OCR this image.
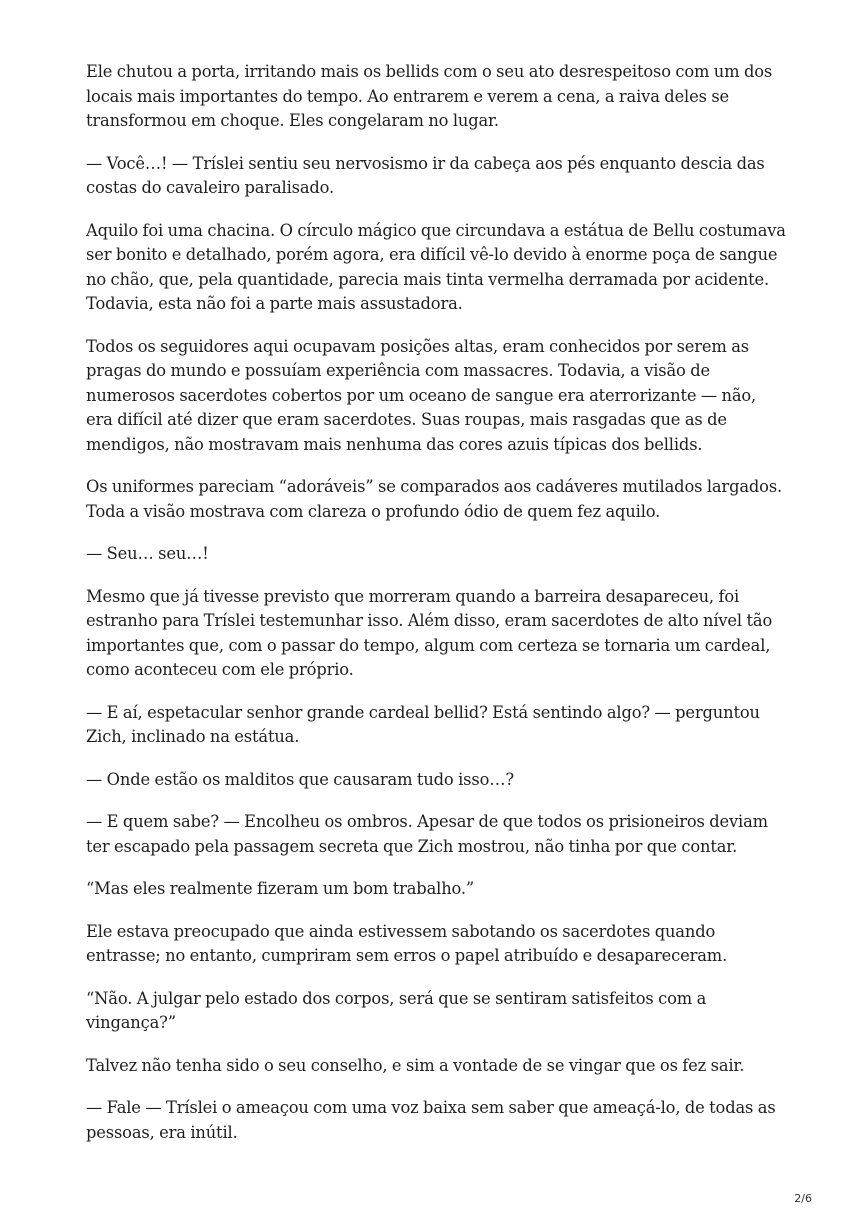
Ele chutou a porta, irritando mais os bellids com o seu ato desrespeitoso com um dos locais mais importantes do tempo. Ao entrarem e verem a cena, a raiva deles se transformou em choque. Eles congelaram no lugar.

— Você…! — Tríslei sentiu seu nervosismo ir da cabeça aos pés enquanto descia das costas do cavaleiro paralisado.

Aquilo foi uma chacina. O círculo mágico que circundava a estátua de Bellu costumava ser bonito e detalhado, porém agora, era difícil vê-lo devido à enorme poça de sangue no chão, que, pela quantidade, parecia mais tinta vermelha derramada por acidente. Todavia, esta não foi a parte mais assustadora.

Todos os seguidores aqui ocupavam posições altas, eram conhecidos por serem as pragas do mundo e possuíam experiência com massacres. Todavia, a visão de numerosos sacerdotes cobertos por um oceano de sangue era aterrorizante — não, era difícil até dizer que eram sacerdotes. Suas roupas, mais rasgadas que as de mendigos, não mostravam mais nenhuma das cores azuis típicas dos bellids.

Os uniformes pareciam “adoráveis” se comparados aos cadáveres mutilados largados. Toda a visão mostrava com clareza o profundo ódio de quem fez aquilo.

— Seu… seu…!

Mesmo que já tivesse previsto que morreram quando a barreira desapareceu, foi estranho para Tríslei testemunhar isso. Além disso, eram sacerdotes de alto nível tão importantes que, com o passar do tempo, algum com certeza se tornaria um cardeal, como aconteceu com ele próprio.

— E aí, espetacular senhor grande cardeal bellid? Está sentindo algo? — perguntou Zich, inclinado na estátua.

— Onde estão os malditos que causaram tudo isso…?

— E quem sabe? — Encolheu os ombros. Apesar de que todos os prisioneiros deviam ter escapado pela passagem secreta que Zich mostrou, não tinha por que contar.

“Mas eles realmente fizeram um bom trabalho.”

Ele estava preocupado que ainda estivessem sabotando os sacerdotes quando entrasse; no entanto, cumpriram sem erros o papel atribuído e desapareceram.

“Não. A julgar pelo estado dos corpos, será que se sentiram satisfeitos com a vingança?”

Talvez não tenha sido o seu conselho, e sim a vontade de se vingar que os fez sair.

— Fale — Tríslei o ameaçou com uma voz baixa sem saber que ameaçá-lo, de todas as pessoas, era inútil.

2/6
